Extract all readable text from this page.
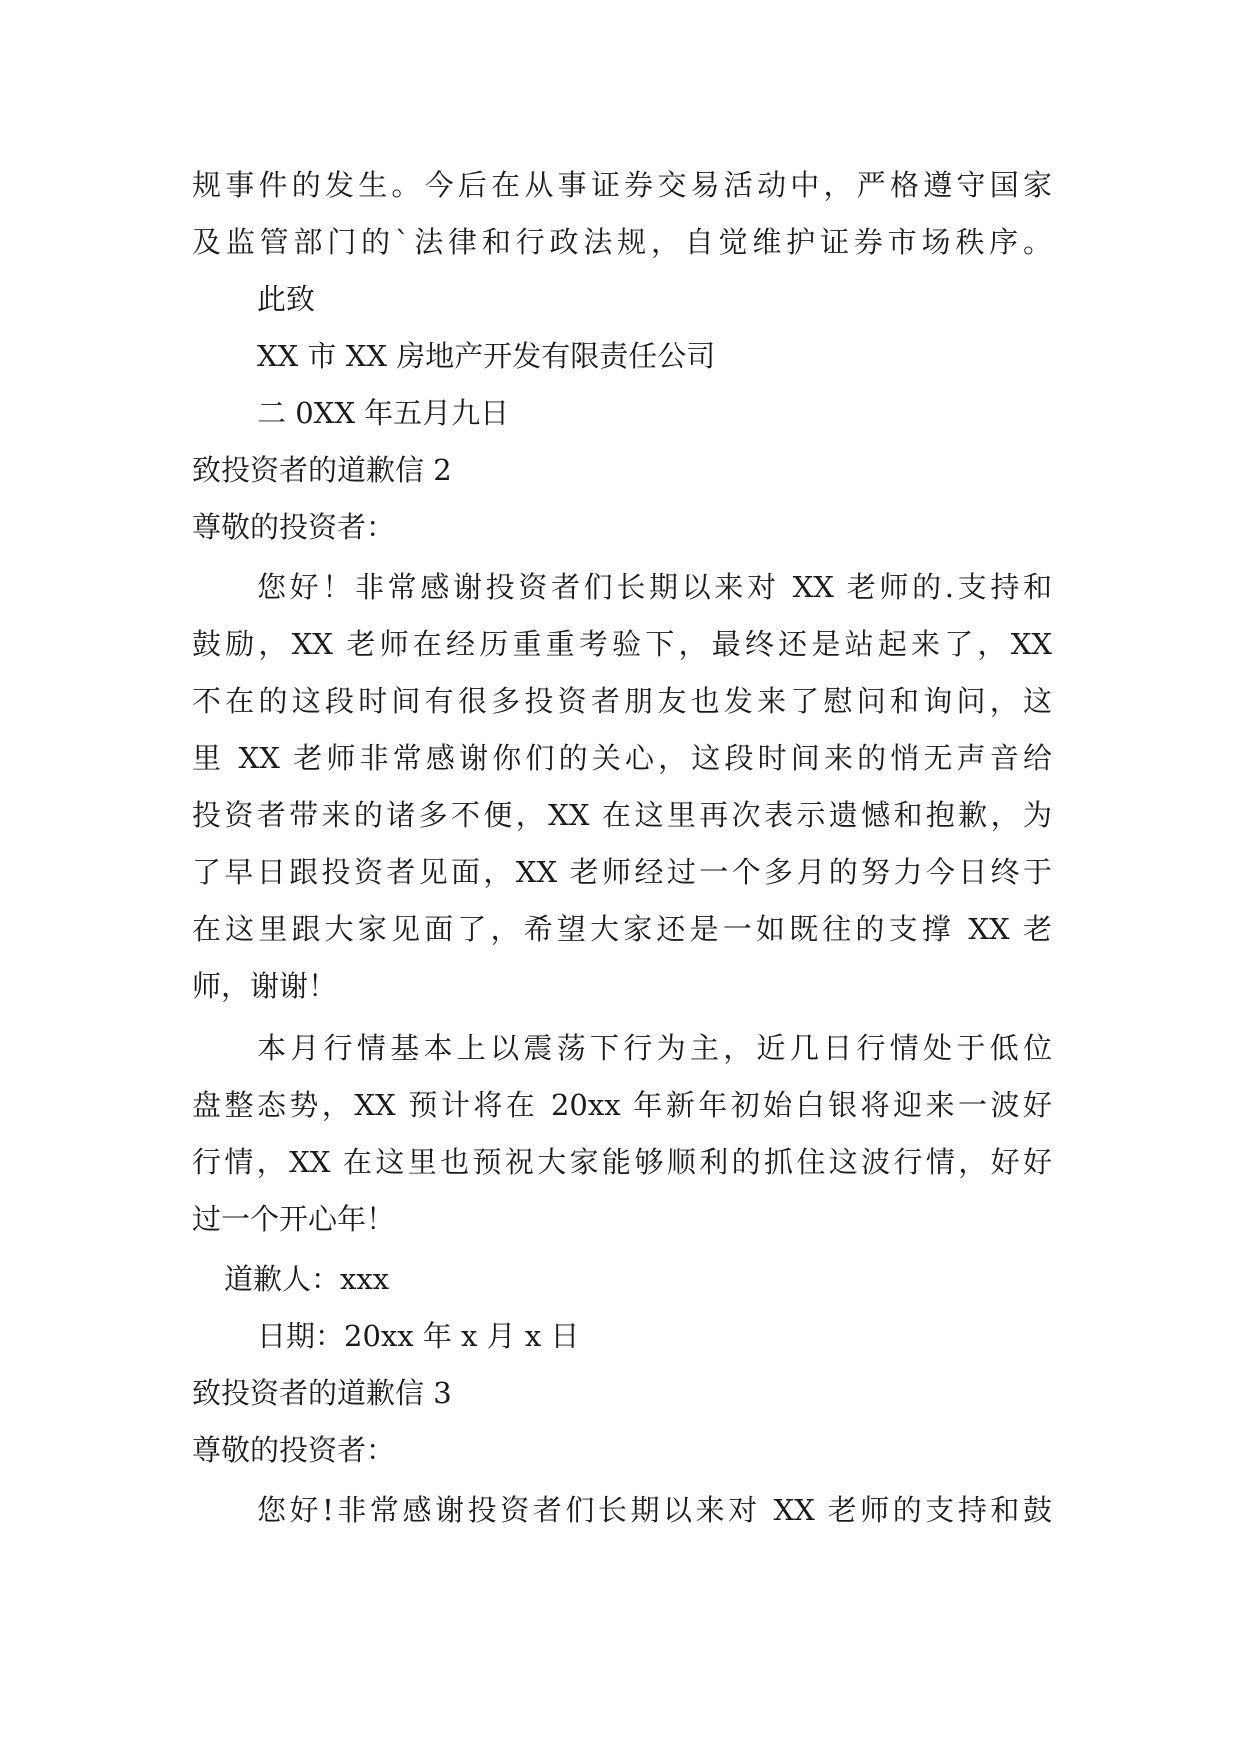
规事件的发生。今后在从事证券交易活动中，严格遵守国家
及监管部门的`法律和行政法规，自觉维护证券市场秩序。
此致
XX 市 XX 房地产开发有限责任公司
二 0XX 年五月九日
致投资者的道歉信 2
尊敬的投资者：
您好！非常感谢投资者们长期以来对 XX 老师的.支持和
鼓励，XX 老师在经历重重考验下，最终还是站起来了，XX
不在的这段时间有很多投资者朋友也发来了慰问和询问，这
里 XX 老师非常感谢你们的关心，这段时间来的悄无声音给
投资者带来的诸多不便，XX 在这里再次表示遗憾和抱歉，为
了早日跟投资者见面，XX 老师经过一个多月的努力今日终于
在这里跟大家见面了，希望大家还是一如既往的支撑 XX 老
师，谢谢！
本月行情基本上以震荡下行为主，近几日行情处于低位
盘整态势，XX 预计将在 20xx 年新年初始白银将迎来一波好
行情，XX 在这里也预祝大家能够顺利的抓住这波行情，好好
过一个开心年！
道歉人：xxx
日期：20xx 年 x 月 x 日
致投资者的道歉信 3
尊敬的投资者：
您好!非常感谢投资者们长期以来对 XX 老师的支持和鼓
